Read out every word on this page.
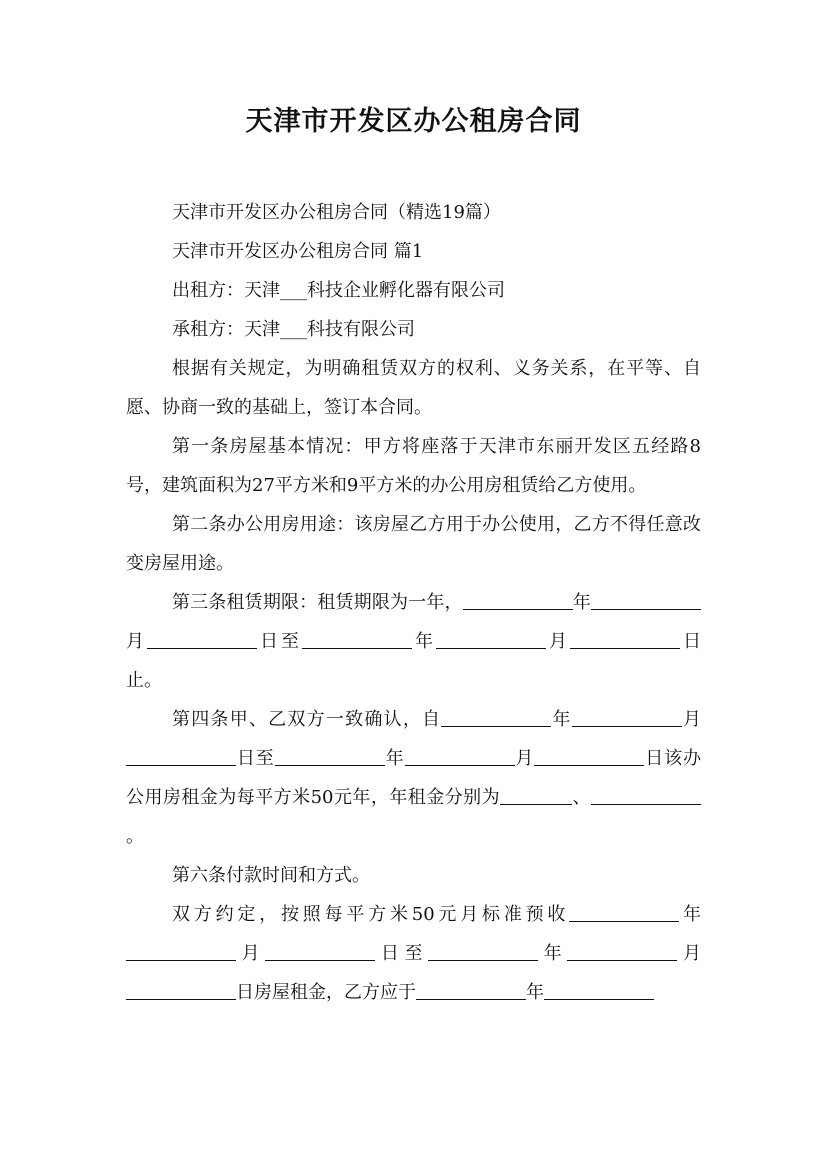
天津市开发区办公租房合同

天津市开发区办公租房合同（精选19篇）

天津市开发区办公租房合同 篇1

出租方：天津___科技企业孵化器有限公司

承租方：天津___科技有限公司

根据有关规定，为明确租赁双方的权利、义务关系，在平等、自愿、协商一致的基础上，签订本合同。

第一条房屋基本情况：甲方将座落于天津市东丽开发区五经路8号，建筑面积为27平方米和9平方米的办公用房租赁给乙方使用。

第二条办公用房用途：该房屋乙方用于办公使用，乙方不得任意改变房屋用途。

第三条租赁期限：租赁期限为一年，	年月	日至	年	月	日止。

第四条甲、乙双方一致确认，自	年	月日至	年	月	日该办公用房租金为每平方米50元年，年租金分别为	、。

第六条付款时间和方式。

双方约定，按照每平方米50元月标准预收	年月	日至	年	月日房屋租金，乙方应于	年
